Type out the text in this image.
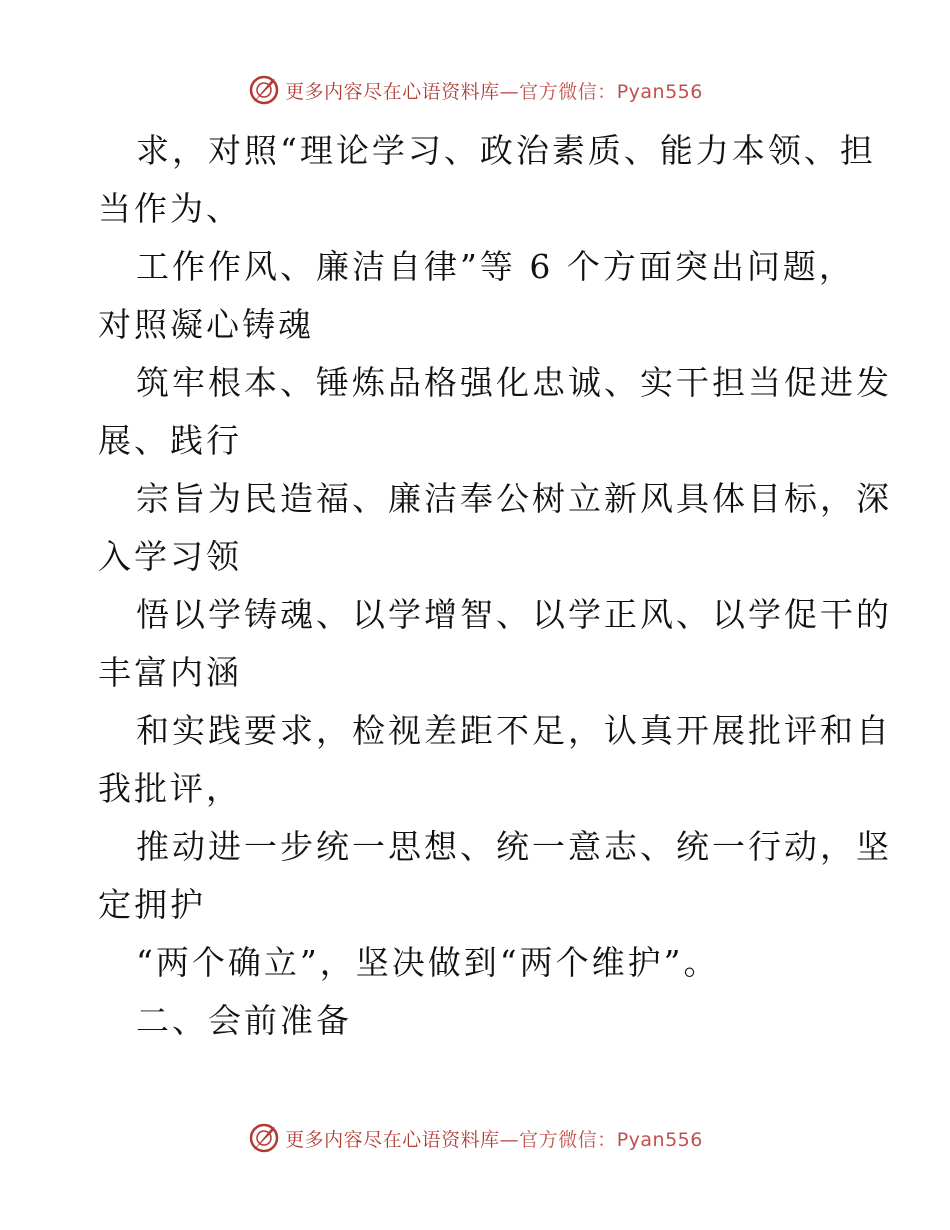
更多内容尽在心语资料库—官方微信：Pyan556
求，对照“理论学习、政治素质、能力本领、担
当作为、
工作作风、廉洁自律”等 6 个方面突出问题，
对照凝心铸魂
筑牢根本、锤炼品格强化忠诚、实干担当促进发
展、践行
宗旨为民造福、廉洁奉公树立新风具体目标，深
入学习领
悟以学铸魂、以学增智、以学正风、以学促干的
丰富内涵
和实践要求，检视差距不足，认真开展批评和自
我批评，
推动进一步统一思想、统一意志、统一行动，坚
定拥护
“两个确立”，坚决做到“两个维护”。
二、会前准备
更多内容尽在心语资料库—官方微信：Pyan556
